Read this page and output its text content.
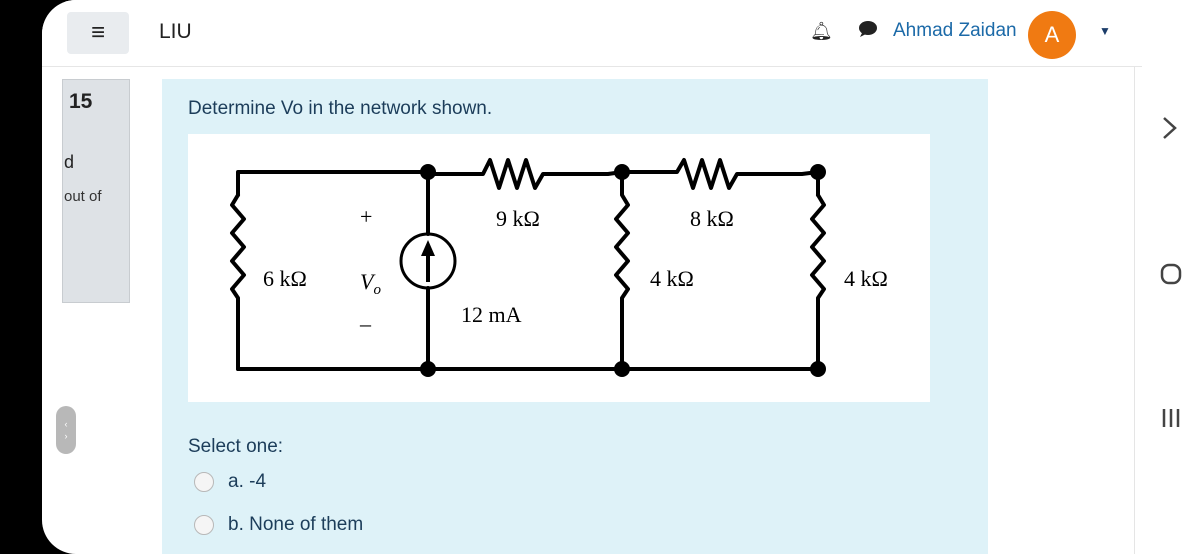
≡	LIU	🔔︎	Ahmad Zaidan	A	▼
15
d
out of
‹
›
Determine Vo in the network shown.
6 kΩ
+
$V_o$
–
9 kΩ
12 mA
8 kΩ
4 kΩ	4 kΩ
Select one:
a. -4
b. None of them
